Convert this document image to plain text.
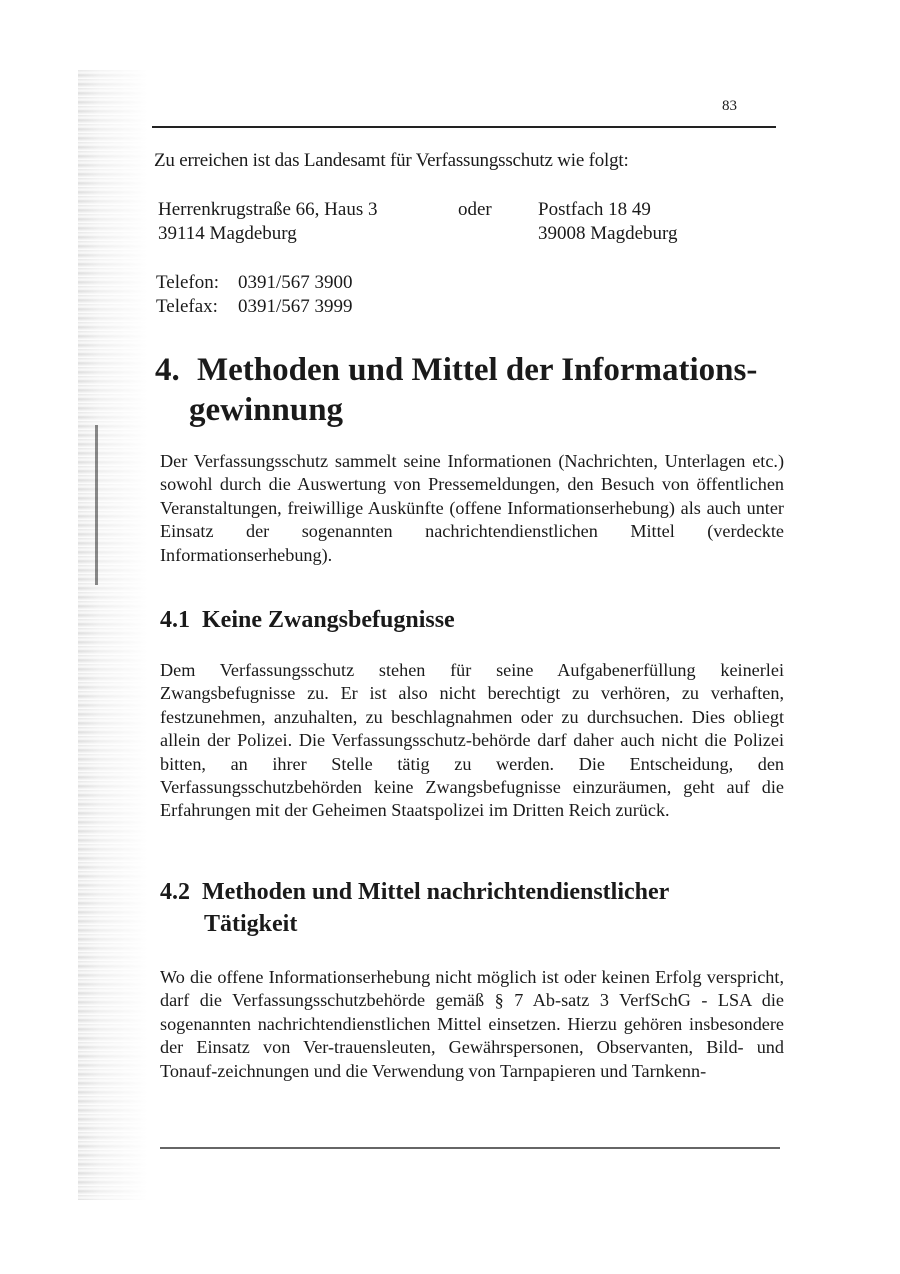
83
Zu erreichen ist das Landesamt für Verfassungsschutz wie folgt:
Herrenkrugstraße 66, Haus 3	oder	Postfach 18 49
39114 Magdeburg	39008 Magdeburg
Telefon: 0391/567 3900
Telefax:	0391/567 3999
4. Methoden und Mittel der Informations-
gewinnung
Der Verfassungsschutz sammelt seine Informationen (Nachrichten, Unterlagen etc.) sowohl durch die Auswertung von Pressemeldungen, den Besuch von öffentlichen Veranstaltungen, freiwillige Auskünfte (offene Informationserhebung) als auch unter Einsatz der sogenannten nachrichtendienstlichen Mittel (verdeckte Informationserhebung).
4.1 Keine Zwangsbefugnisse
Dem Verfassungsschutz stehen für seine Aufgabenerfüllung keinerlei Zwangsbefugnisse zu. Er ist also nicht berechtigt zu verhören, zu verhaften, festzunehmen, anzuhalten, zu beschlagnahmen oder zu durchsuchen. Dies obliegt allein der Polizei. Die Verfassungsschutz-behörde darf daher auch nicht die Polizei bitten, an ihrer Stelle tätig zu werden. Die Entscheidung, den Verfassungsschutzbehörden keine Zwangsbefugnisse einzuräumen, geht auf die Erfahrungen mit der Geheimen Staatspolizei im Dritten Reich zurück.
4.2 Methoden und Mittel nachrichtendienstlicher
Tätigkeit
Wo die offene Informationserhebung nicht möglich ist oder keinen Erfolg verspricht, darf die Verfassungsschutzbehörde gemäß § 7 Ab-satz 3 VerfSchG - LSA die sogenannten nachrichtendienstlichen Mittel einsetzen. Hierzu gehören insbesondere der Einsatz von Ver-trauensleuten, Gewährspersonen, Observanten, Bild- und Tonauf-zeichnungen und die Verwendung von Tarnpapieren und Tarnkenn-
